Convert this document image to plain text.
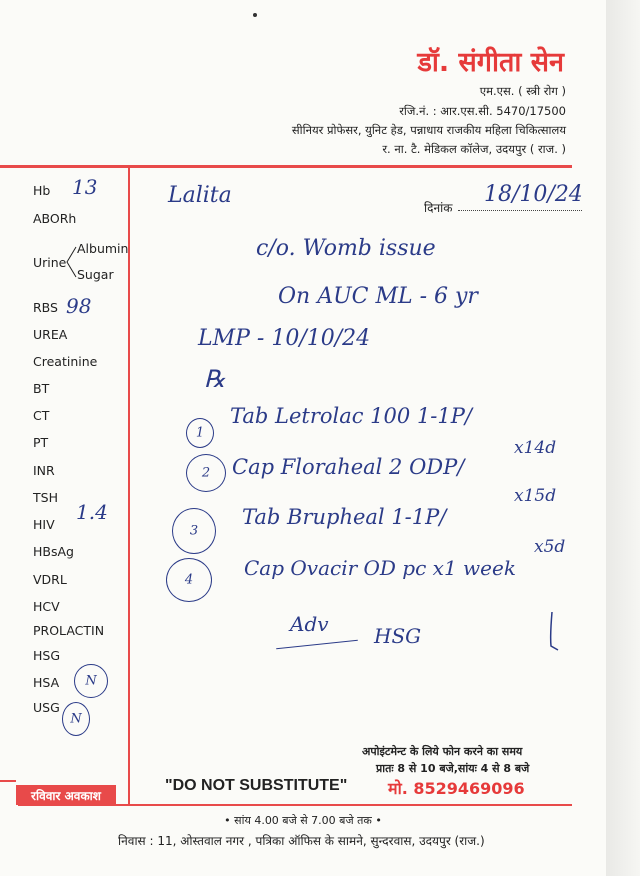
डॉ. संगीता सेन
एम.एस. ( स्त्री रोग )
रजि.नं. : आर.एस.सी. 5470/17500
सीनियर प्रोफेसर, युनिट हेड, पन्नाधाय राजकीय महिला चिकित्सालय
र. ना. टै. मेडिकल कॉलेज, उदयपुर ( राज. )
Hb 13
ABORh
Urine
Albumin
Sugar
RBS 98
UREA
Creatinine
BT
CT
PT
INR
TSH
1.4
HIV
HBsAg
VDRL
HCV
PROLACTIN
HSG
HSA	N
USG
N
Lalita	दिनांक
18/10/24
c/o. Womb issue
On AUC ML - 6 yr
LMP - 10/10/24
℞
1
Tab Letrolac 100 1-1P/
x14d
2	Cap Floraheal 2 ODP/
x15d
3
Tab Brupheal 1-1P/
x5d
4	Cap Ovacir OD pc x1 week
Adv HSG
अपोइंटमेन्ट के लिये फोन करने का समय
प्रातः 8 से 10 बजे,सांयः 4 से 8 बजे
रविवार अवकाश
"DO NOT SUBSTITUTE"	मो. 8529469096
• सांय 4.00 बजे से 7.00 बजे तक •
निवास : 11, ओस्तवाल नगर , पत्रिका ऑफिस के सामने, सुन्दरवास, उदयपुर (राज.)
